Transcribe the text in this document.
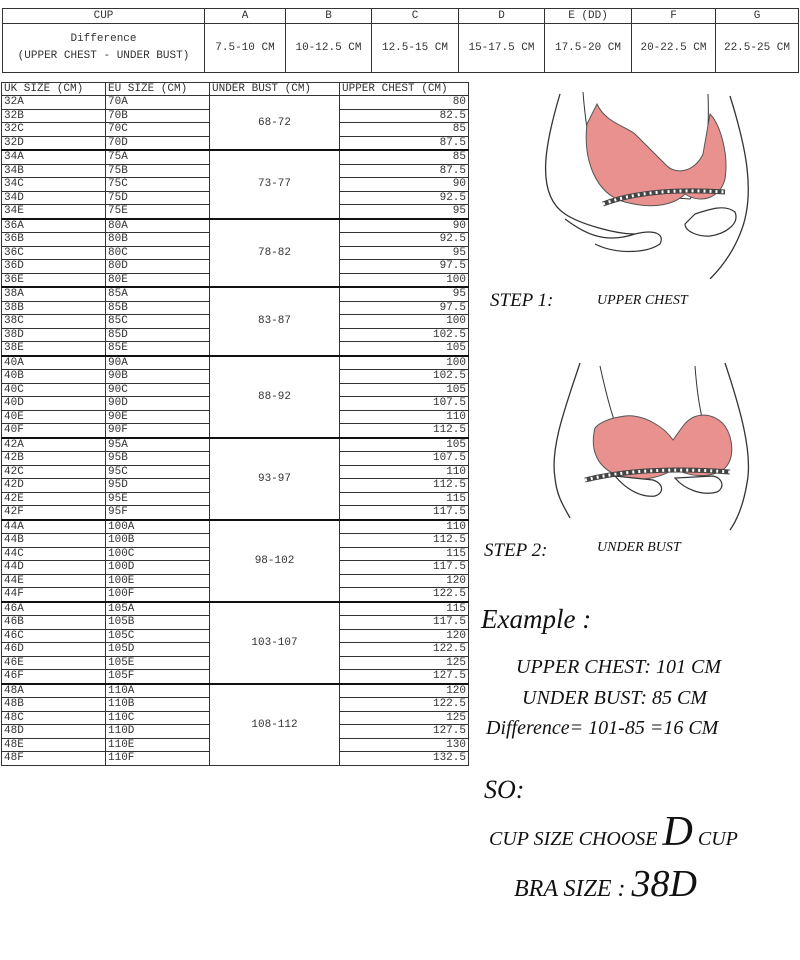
CUP	A	B	C	D	E (DD)	F	G

Difference
(UPPER CHEST - UNDER BUST)	7.5-10 CM	10-12.5 CM	12.5-15 CM	15-17.5 CM	17.5-20 CM	20-22.5 CM	22.5-25 CM
UK SIZE (CM)	EU SIZE (CM)	UNDER BUST (CM)	UPPER CHEST (CM)
32A	70A	68-72	80
32B	70B		82.5
32C	70C		85
32D	70D		87.5
34A	75A	73-77	85
34B	75B		87.5
34C	75C		90
34D	75D		92.5
34E	75E		95
36A	80A	78-82	90
36B	80B		92.5
36C	80C		95
36D	80D		97.5
36E	80E		100
38A	85A	83-87	95
38B	85B		97.5
38C	85C		100
38D	85D		102.5
38E	85E		105
40A	90A	88-92	100
40B	90B		102.5
40C	90C		105
40D	90D		107.5
40E	90E		110
40F	90F		112.5
42A	95A	93-97	105
42B	95B		107.5
42C	95C		110
42D	95D		112.5
42E	95E		115
42F	95F		117.5
44A	100A	98-102	110
44B	100B		112.5
44C	100C		115
44D	100D		117.5
44E	100E		120
44F	100F		122.5
46A	105A	103-107	115
46B	105B		117.5
46C	105C		120
46D	105D		122.5
46E	105E		125
46F	105F		127.5
48A	110A	108-112	120
48B	110B		122.5
48C	110C		125
48D	110D		127.5
48E	110E		130
48F	110F		132.5
STEP 1:	UPPER CHEST
STEP 2:	UNDER BUST
Example :
UPPER CHEST: 101 CM
UNDER BUST: 85 CM
Difference= 101-85 =16 CM
SO:
CUP SIZE CHOOSE D CUP
BRA SIZE : 38D
